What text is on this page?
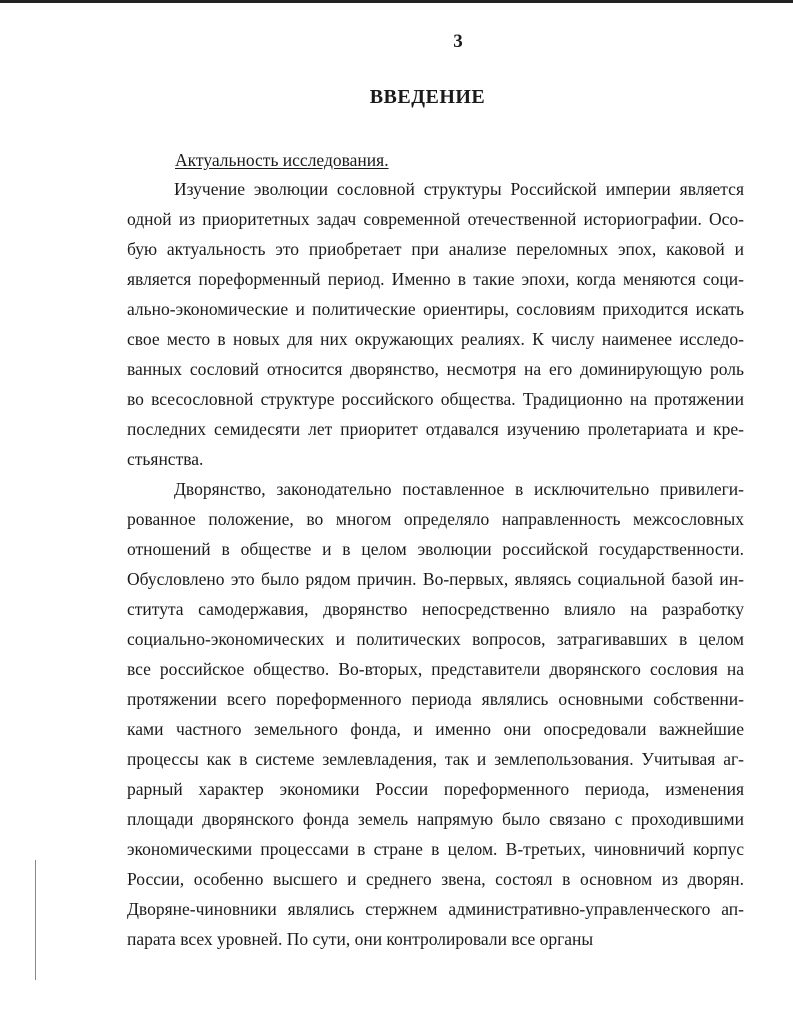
3
ВВЕДЕНИЕ
Актуальность исследования.
Изучение эволюции сословной структуры Российской империи является
одной из приоритетных задач современной отечественной историографии. Осо-
бую актуальность это приобретает при анализе переломных эпох, каковой и
является пореформенный период. Именно в такие эпохи, когда меняются соци-
ально-экономические и политические ориентиры, сословиям приходится искать
свое место в новых для них окружающих реалиях. К числу наименее исследо-
ванных сословий относится дворянство, несмотря на его доминирующую роль
во всесословной структуре российского общества. Традиционно на протяжении
последних семидесяти лет приоритет отдавался изучению пролетариата и кре-
стьянства.
Дворянство, законодательно поставленное в исключительно привилеги-
рованное положение, во многом определяло направленность межсословных
отношений в обществе и в целом эволюции российской государственности.
Обусловлено это было рядом причин. Во-первых, являясь социальной базой ин-
ститута самодержавия, дворянство непосредственно влияло на разработку
социально-экономических и политических вопросов, затрагивавших в целом
все российское общество. Во-вторых, представители дворянского сословия на
протяжении всего пореформенного периода являлись основными собственни-
ками частного земельного фонда, и именно они опосредовали важнейшие
процессы как в системе землевладения, так и землепользования. Учитывая аг-
рарный характер экономики России пореформенного периода, изменения
площади дворянского фонда земель напрямую было связано с проходившими
экономическими процессами в стране в целом. В-третьих, чиновничий корпус
России, особенно высшего и среднего звена, состоял в основном из дворян.
Дворяне-чиновники являлись стержнем административно-управленческого ап-
парата всех уровней. По сути, они контролировали все органы
